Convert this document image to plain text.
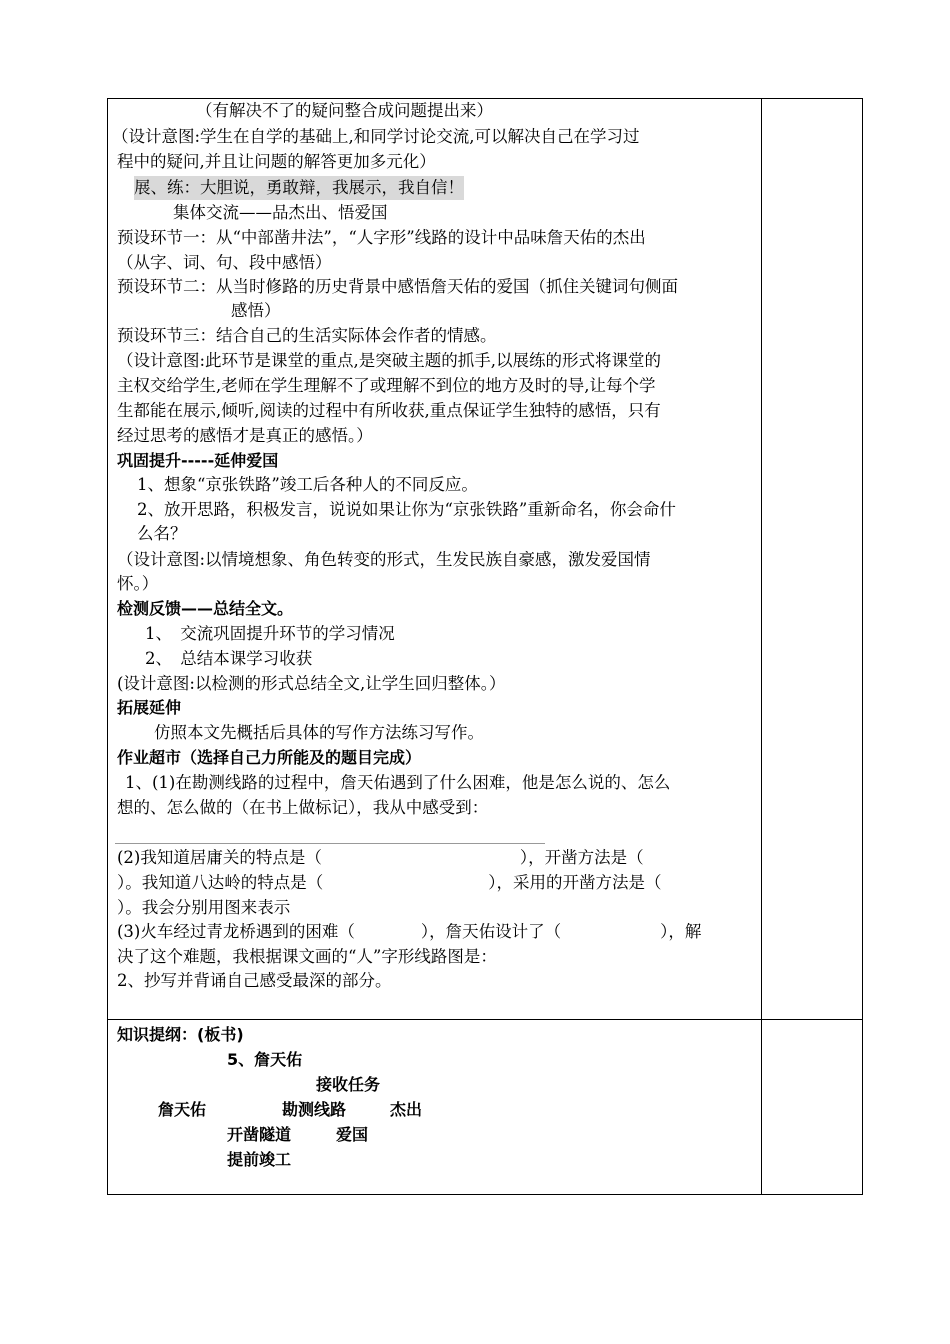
（有解决不了的疑问整合成问题提出来）
（设计意图:学生在自学的基础上,和同学讨论交流,可以解决自己在学习过
程中的疑问,并且让问题的解答更加多元化）
展、练：大胆说，勇敢辩，我展示，我自信！
集体交流——品杰出、悟爱国
预设环节一：从“中部凿井法”，“人字形”线路的设计中品味詹天佑的杰出
（从字、词、句、段中感悟）
预设环节二：从当时修路的历史背景中感悟詹天佑的爱国（抓住关键词句侧面
感悟）
预设环节三：结合自己的生活实际体会作者的情感。
（设计意图:此环节是课堂的重点,是突破主题的抓手,以展练的形式将课堂的
主权交给学生,老师在学生理解不了或理解不到位的地方及时的导,让每个学
生都能在展示,倾听,阅读的过程中有所收获,重点保证学生独特的感悟，只有
经过思考的感悟才是真正的感悟。）
巩固提升-----延伸爱国
1、想象“京张铁路”竣工后各种人的不同反应。
2、放开思路，积极发言，说说如果让你为“京张铁路”重新命名，你会命什
么名？
（设计意图:以情境想象、角色转变的形式，生发民族自豪感，激发爱国情
怀。）
检测反馈——总结全文。
1、　交流巩固提升环节的学习情况
2、　总结本课学习收获
(设计意图:以检测的形式总结全文,让学生回归整体。）
拓展延伸
仿照本文先概括后具体的写作方法练习写作。
作业超市（选择自己力所能及的题目完成）
1、(1)在勘测线路的过程中，詹天佑遇到了什么困难，他是怎么说的、怎么
想的、怎么做的（在书上做标记），我从中感受到：
(2)我知道居庸关的特点是（　　　　　　　　　　　　），开凿方法是（
）。我知道八达岭的特点是（　　　　　　　　　　），采用的开凿方法是（
）。我会分别用图来表示
(3)火车经过青龙桥遇到的困难（　　　　），詹天佑设计了（　　　　　　），解
决了这个难题，我根据课文画的“人”字形线路图是：
2、抄写并背诵自己感受最深的部分。
知识提纲：(板书)
5、詹天佑
接收任务
詹天佑	勘测线路	杰出
开凿隧道	爱国
提前竣工
